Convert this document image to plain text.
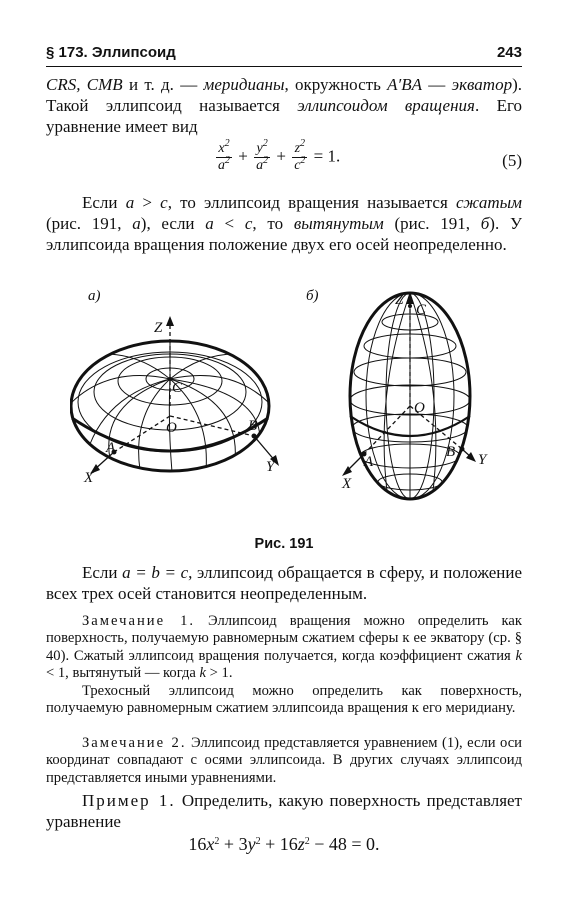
§ 173. Эллипсоид	243
CRS, CMB и т. д. — меридианы, окружность A′BA — экватор). Такой эллипсоид называется эллипсоидом вращения. Его уравнение имеет вид
$\frac{x^2}{a^2} + \frac{y^2}{a^2} + \frac{z^2}{c^2} = 1$.	(5)
Если a > c, то эллипсоид вращения называется сжатым (рис. 191, а), если a < c, то вытянутым (рис. 191, б). У эллипсоида вращения положение двух его осей неопределенно.
а)
Z
C
O
A
B
X
Y
б)	Z
C
O
A
B
X
Y
Рис. 191
Если a = b = c, эллипсоид обращается в сферу, и положение всех трех осей становится неопределенным.
Замечание 1. Эллипсоид вращения можно определить как поверхность, получаемую равномерным сжатием сферы к ее экватору (ср. § 40). Сжатый эллипсоид вращения получается, когда коэффициент сжатия k < 1, вытянутый — когда k > 1.
Трехосный эллипсоид можно определить как поверхность, получаемую равномерным сжатием эллипсоида вращения к его меридиану.
Замечание 2. Эллипсоид представляется уравнением (1), если оси координат совпадают с осями эллипсоида. В других случаях эллипсоид представляется иными уравнениями.
Пример 1. Определить, какую поверхность представляет уравнение
$16x^2 + 3y^2 + 16z^2 - 48 = 0$.
